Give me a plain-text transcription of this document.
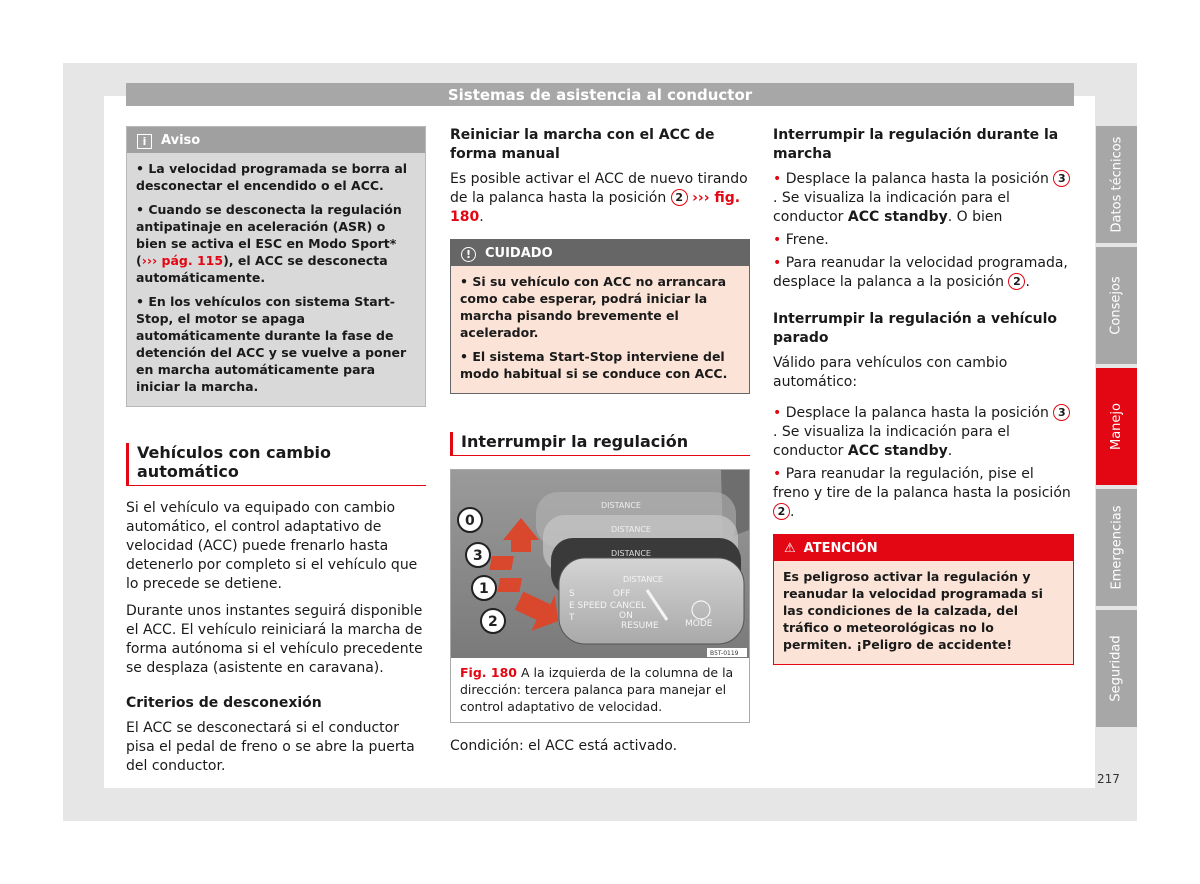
Sistemas de asistencia al conductor
i Aviso

• La velocidad programada se borra al desconectar el encendido o el ACC.

• Cuando se desconecta la regulación antipatinaje en aceleración (ASR) o bien se activa el ESC en Modo Sport* (››› pág. 115), el ACC se desconecta automáticamente.

• En los vehículos con sistema Start-Stop, el motor se apaga automáticamente durante la fase de detención del ACC y se vuelve a poner en marcha automáticamente para iniciar la marcha.

Vehículos con cambio automático

Si el vehículo va equipado con cambio automático, el control adaptativo de velocidad (ACC) puede frenarlo hasta detenerlo por completo si el vehículo que lo precede se detiene.

Durante unos instantes seguirá disponible el ACC. El vehículo reiniciará la marcha de forma autónoma si el vehículo precedente se desplaza (asistente en caravana).

Criterios de desconexión

El ACC se desconectará si el conductor pisa el pedal de freno o se abre la puerta del conductor.

Reiniciar la marcha con el ACC de forma manual

Es posible activar el ACC de nuevo tirando de la palanca hasta la posición 2 ››› fig. 180.

! CUIDADO

• Si su vehículo con ACC no arrancara como cabe esperar, podrá iniciar la marcha pisando brevemente el acelerador.

• El sistema Start-Stop interviene del modo habitual si se conduce con ACC.

Interrumpir la regulación
DISTANCE
DISTANCE
DISTANCE
DISTANCE
S	OFF
E SPEED CANCEL
T	ON
RESUME	MODE
0
3
1
2
B5T-0119
Fig. 180 A la izquierda de la columna de la dirección: tercera palanca para manejar el control adaptativo de velocidad.

Condición: el ACC está activado.

Interrumpir la regulación durante la marcha

• Desplace la palanca hasta la posición 3. Se visualiza la indicación para el conductor ACC standby. O bien

• Frene.

• Para reanudar la velocidad programada, desplace la palanca a la posición 2 .

Interrumpir la regulación a vehículo parado

Válido para vehículos con cambio automático:

• Desplace la palanca hasta la posición 3. Se visualiza la indicación para el conductor ACC standby.

• Para reanudar la regulación, pise el freno y tire de la palanca hasta la posición 2 .

⚠ ATENCIÓN

Es peligroso activar la regulación y reanudar la velocidad programada si las condiciones de la calzada, del tráfico o meteorológicas no lo permiten. ¡Peligro de accidente!

Datos técnicos
Consejos
Manejo
Emergencias
Seguridad
217
